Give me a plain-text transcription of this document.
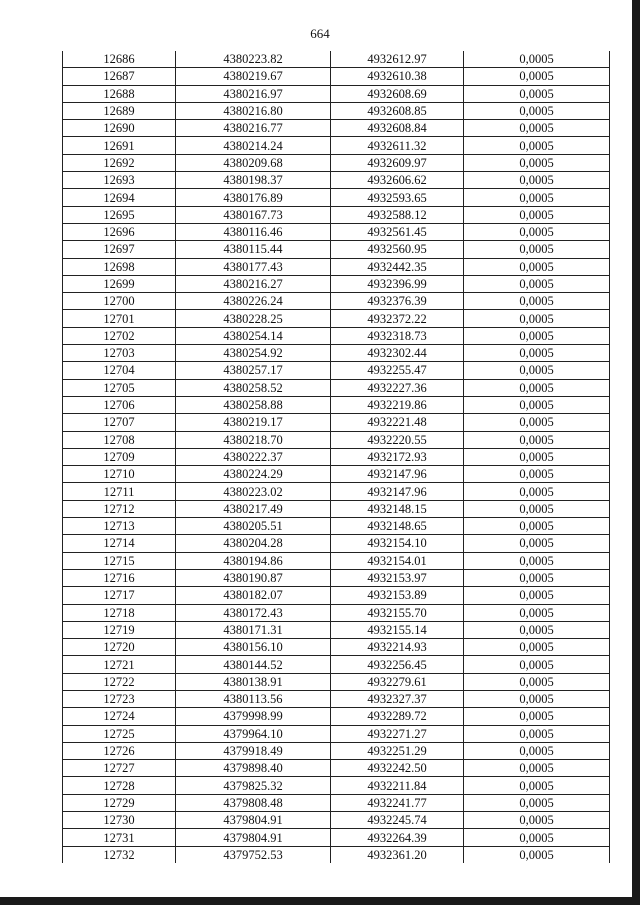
664
12686	4380223.82	4932612.97	0,0005
12687	4380219.67	4932610.38	0,0005
12688	4380216.97	4932608.69	0,0005
12689	4380216.80	4932608.85	0,0005
12690	4380216.77	4932608.84	0,0005
12691	4380214.24	4932611.32	0,0005
12692	4380209.68	4932609.97	0,0005
12693	4380198.37	4932606.62	0,0005
12694	4380176.89	4932593.65	0,0005
12695	4380167.73	4932588.12	0,0005
12696	4380116.46	4932561.45	0,0005
12697	4380115.44	4932560.95	0,0005
12698	4380177.43	4932442.35	0,0005
12699	4380216.27	4932396.99	0,0005
12700	4380226.24	4932376.39	0,0005
12701	4380228.25	4932372.22	0,0005
12702	4380254.14	4932318.73	0,0005
12703	4380254.92	4932302.44	0,0005
12704	4380257.17	4932255.47	0,0005
12705	4380258.52	4932227.36	0,0005
12706	4380258.88	4932219.86	0,0005
12707	4380219.17	4932221.48	0,0005
12708	4380218.70	4932220.55	0,0005
12709	4380222.37	4932172.93	0,0005
12710	4380224.29	4932147.96	0,0005
12711	4380223.02	4932147.96	0,0005
12712	4380217.49	4932148.15	0,0005
12713	4380205.51	4932148.65	0,0005
12714	4380204.28	4932154.10	0,0005
12715	4380194.86	4932154.01	0,0005
12716	4380190.87	4932153.97	0,0005
12717	4380182.07	4932153.89	0,0005
12718	4380172.43	4932155.70	0,0005
12719	4380171.31	4932155.14	0,0005
12720	4380156.10	4932214.93	0,0005
12721	4380144.52	4932256.45	0,0005
12722	4380138.91	4932279.61	0,0005
12723	4380113.56	4932327.37	0,0005
12724	4379998.99	4932289.72	0,0005
12725	4379964.10	4932271.27	0,0005
12726	4379918.49	4932251.29	0,0005
12727	4379898.40	4932242.50	0,0005
12728	4379825.32	4932211.84	0,0005
12729	4379808.48	4932241.77	0,0005
12730	4379804.91	4932245.74	0,0005
12731	4379804.91	4932264.39	0,0005
12732	4379752.53	4932361.20	0,0005
